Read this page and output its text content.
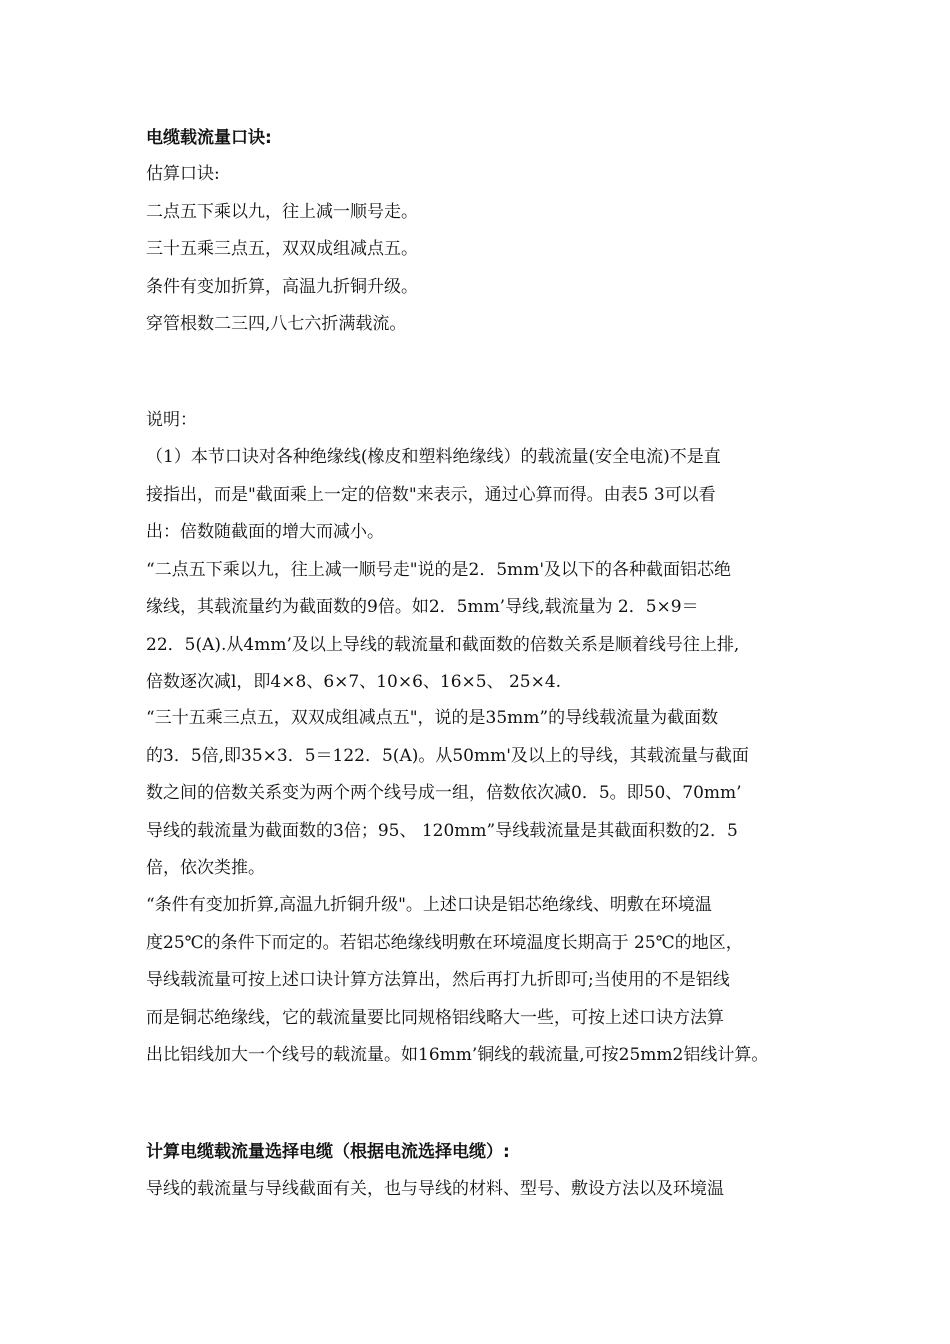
电缆载流量口诀:
估算口诀:
二点五下乘以九，往上减一顺号走。
三十五乘三点五，双双成组减点五。
条件有变加折算，高温九折铜升级。
穿管根数二三四,八七六折满载流。
说明：
（1）本节口诀对各种绝缘线(橡皮和塑料绝缘线）的载流量(安全电流)不是直
接指出，而是"截面乘上一定的倍数"来表示，通过心算而得。由表5 3可以看
出：倍数随截面的增大而减小。
“二点五下乘以九，往上减一顺号走"说的是2．5mm'及以下的各种截面铝芯绝
缘线，其载流量约为截面数的9倍。如2．5mm’导线,载流量为 2．5×9＝
22．5(A).从4mm’及以上导线的载流量和截面数的倍数关系是顺着线号往上排,
倍数逐次减l，即4×8、6×7、10×6、16×5、 25×4.
“三十五乘三点五，双双成组减点五"，说的是35mm”的导线载流量为截面数
的3．5倍,即35×3．5＝122．5(A)。从50mm'及以上的导线，其载流量与截面
数之间的倍数关系变为两个两个线号成一组，倍数依次减0．5。即50、70mm’
导线的载流量为截面数的3倍；95、 120mm”导线载流量是其截面积数的2．5
倍，依次类推。
“条件有变加折算,高温九折铜升级"。上述口诀是铝芯绝缘线、明敷在环境温
度25℃的条件下而定的。若铝芯绝缘线明敷在环境温度长期高于 25℃的地区，
导线载流量可按上述口诀计算方法算出，然后再打九折即可;当使用的不是铝线
而是铜芯绝缘线，它的载流量要比同规格铝线略大一些，可按上述口诀方法算
出比铝线加大一个线号的载流量。如16mm’铜线的载流量,可按25mm2铝线计算。
计算电缆载流量选择电缆（根据电流选择电缆）:
导线的载流量与导线截面有关，也与导线的材料、型号、敷设方法以及环境温
